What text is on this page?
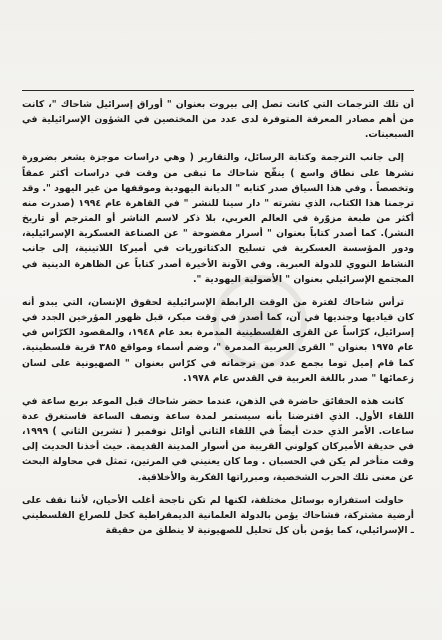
أن تلك الترجمات التي كانت تصل إلى بيروت بعنوان " أوراق إسرائيل شاحاك "، كانت من أهم مصادر المعرفة المتوفرة لدى عدد من المختصين في الشؤون الإسرائيلية في السبعينات.

إلى جانب الترجمة وكتابة الرسائل، والتقارير ( وهي دراسات موجزة يشعر بضرورة نشرها على نطاق واسع ) ينقّح شاحاك ما تبقى من وقت في دراسات أكثر عمقاً وتخصصاً . وفي هذا السياق صدر كتابه " الديانة اليهودية وموقفها من غير اليهود ". وقد ترجمنا هذا الكتاب، الذي نشرته " دار سينا للنشر " في القاهرة عام ١٩٩٤ (صدرت منه أكثر من طبعة مزوّرة في العالم العربي، بلا ذكر لاسم الناشر أو المترجم أو تاريخ النشر). كما أصدر كتاباً بعنوان " أسرار مفضوحة " عن الصناعة العسكرية الإسرائيلية، ودور المؤسسة العسكرية في تسليح الدكتاتوريات في أميركا اللاتينية، إلى جانب النشاط النووي للدولة العبرية. وفي الآونة الأخيرة أصدر كتاباً عن الظاهرة الدينية في المجتمع الإسرائيلي بعنوان " الأصولية اليهودية ".

ترأس شاحاك لفترة من الوقت الرابطة الإسرائيلية لحقوق الإنسان، التي يبدو أنه كان قياديها وجنديها في آن، كما أصدر في وقت مبكر، قبل ظهور المؤرخين الجدد في إسرائيل، كرّاساً عن القرى الفلسطينية المدمرة بعد عام ١٩٤٨، والمقصود الكرّاس في عام ١٩٧٥ بعنوان " القرى العربية المدمرة "، وضم أسماء ومواقع ٣٨٥ قرية فلسطينية. كما قام إميل توما بجمع عدد من ترجماته في كرّاس بعنوان " الصهيونية على لسان زعمائها " صدر باللغة العربية في القدس عام ١٩٧٨.

كانت هذه الحقائق حاضرة في الذهن، عندما حضر شاحاك قبل الموعد بربع ساعة في اللقاء الأول. الذي افترضنا بأنه سيستمر لمدة ساعة ونصف الساعة فاستغرق عدة ساعات. الأمر الذي حدث أيضاً في اللقاء الثاني أوائل نوفمبر ( تشرين الثاني ) ١٩٩٩، في حديقة الأميركان كولوني القريبة من أسوار المدينة القديمة. حيث أخذنا الحديث إلى وقت متأخر لم يكن في الحسبان . وما كان يعنيني في المرتين، تمثل في محاولة البحث عن معنى تلك الحرب الشخصية، ومبرراتها الفكرية والأخلاقية.

حاولت استفزازه بوسائل مختلفة، لكنها لم تكن ناجحة أغلب الأحيان، لأننا نقف على أرضية مشتركة، فشاحاك يؤمن بالدولة العلمانية الديمقراطية كحل للصراع الفلسطيني ـ الإسرائيلي، كما يؤمن بأن كل تحليل للصهيونية لا ينطلق من حقيقة
